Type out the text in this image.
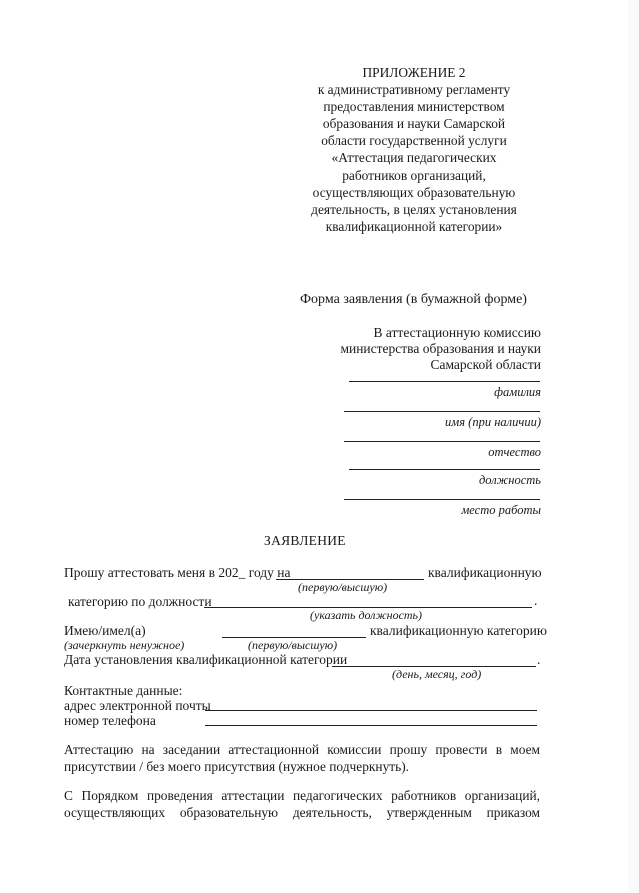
ПРИЛОЖЕНИЕ 2
к административному регламенту
предоставления министерством
образования и науки Самарской
области государственной услуги
«Аттестация педагогических
работников организаций,
осуществляющих образовательную
деятельность, в целях установления
квалификационной категории»
Форма заявления (в бумажной форме)
В аттестационную комиссию
министерства образования и науки
Самарской области
фамилия
имя (при наличии)
отчество
должность
место работы
ЗАЯВЛЕНИЕ
Прошу аттестовать меня в 202_ году на	квалификационную
(первую/высшую)
категорию по должности	.
(указать должность)
Имею/имел(а)	квалификационную категорию
(зачеркнуть ненужное)	(первую/высшую)
Дата установления квалификационной категории	.
(день, месяц, год)
Контактные данные:
адрес электронной почты
номер телефона
Аттестацию на заседании аттестационной комиссии прошу провести в моем
присутствии / без моего присутствия (нужное подчеркнуть).
С Порядком проведения аттестации педагогических работников организаций,
осуществляющих образовательную деятельность, утвержденным приказом
